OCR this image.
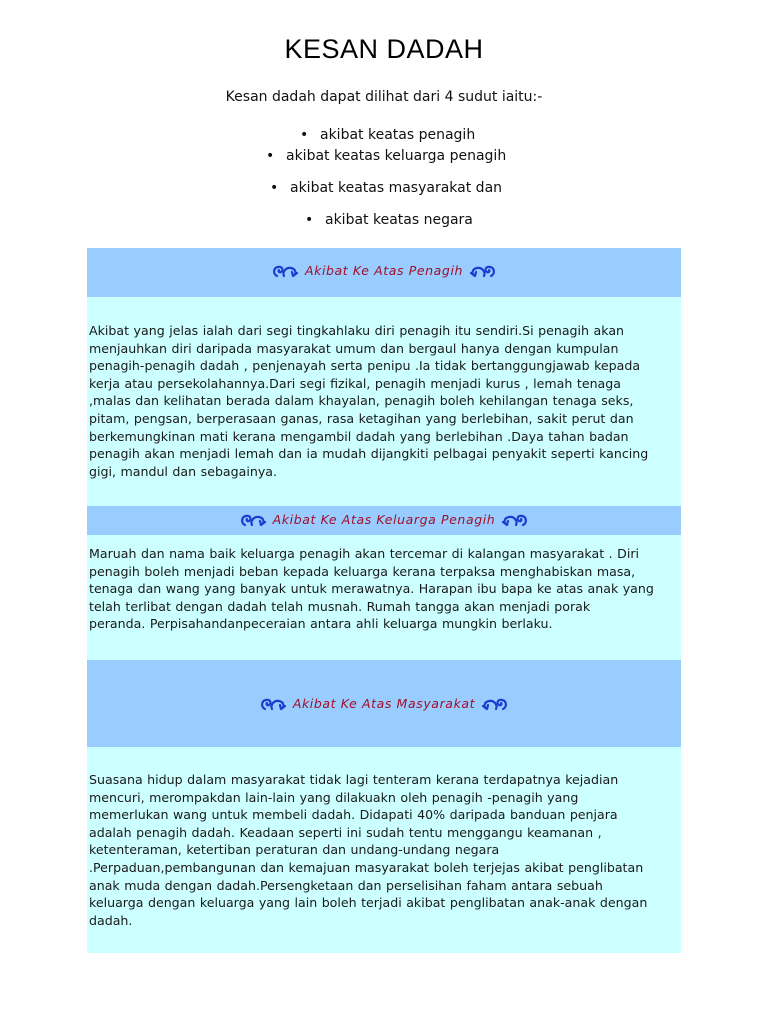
KESAN DADAH
Kesan dadah dapat dilihat dari 4 sudut iaitu:-
• akibat keatas penagih
• akibat keatas keluarga penagih
• akibat keatas masyarakat dan
• akibat keatas negara
Akibat Ke Atas Penagih
Akibat yang jelas ialah dari segi tingkahlaku diri penagih itu sendiri.Si penagih akan
menjauhkan diri daripada masyarakat umum dan bergaul hanya dengan kumpulan
penagih-penagih dadah , penjenayah serta penipu .Ia tidak bertanggungjawab kepada
kerja atau persekolahannya.Dari segi fizikal, penagih menjadi kurus , lemah tenaga
,malas dan kelihatan berada dalam khayalan, penagih boleh kehilangan tenaga seks,
pitam, pengsan, berperasaan ganas, rasa ketagihan yang berlebihan, sakit perut dan
berkemungkinan mati kerana mengambil dadah yang berlebihan .Daya tahan badan
penagih akan menjadi lemah dan ia mudah dijangkiti pelbagai penyakit seperti kancing
gigi, mandul dan sebagainya.
Akibat Ke Atas Keluarga Penagih
Maruah dan nama baik keluarga penagih akan tercemar di kalangan masyarakat . Diri
penagih boleh menjadi beban kepada keluarga kerana terpaksa menghabiskan masa,
tenaga dan wang yang banyak untuk merawatnya. Harapan ibu bapa ke atas anak yang
telah terlibat dengan dadah telah musnah. Rumah tangga akan menjadi porak
peranda. Perpisahandanpeceraian antara ahli keluarga mungkin berlaku.
Akibat Ke Atas Masyarakat
Suasana hidup dalam masyarakat tidak lagi tenteram kerana terdapatnya kejadian
mencuri, merompakdan lain-lain yang dilakuakn oleh penagih -penagih yang
memerlukan wang untuk membeli dadah. Didapati 40% daripada banduan penjara
adalah penagih dadah. Keadaan seperti ini sudah tentu menggangu keamanan ,
ketenteraman, ketertiban peraturan dan undang-undang negara
.Perpaduan,pembangunan dan kemajuan masyarakat boleh terjejas akibat penglibatan
anak muda dengan dadah.Persengketaan dan perselisihan faham antara sebuah
keluarga dengan keluarga yang lain boleh terjadi akibat penglibatan anak-anak dengan
dadah.
